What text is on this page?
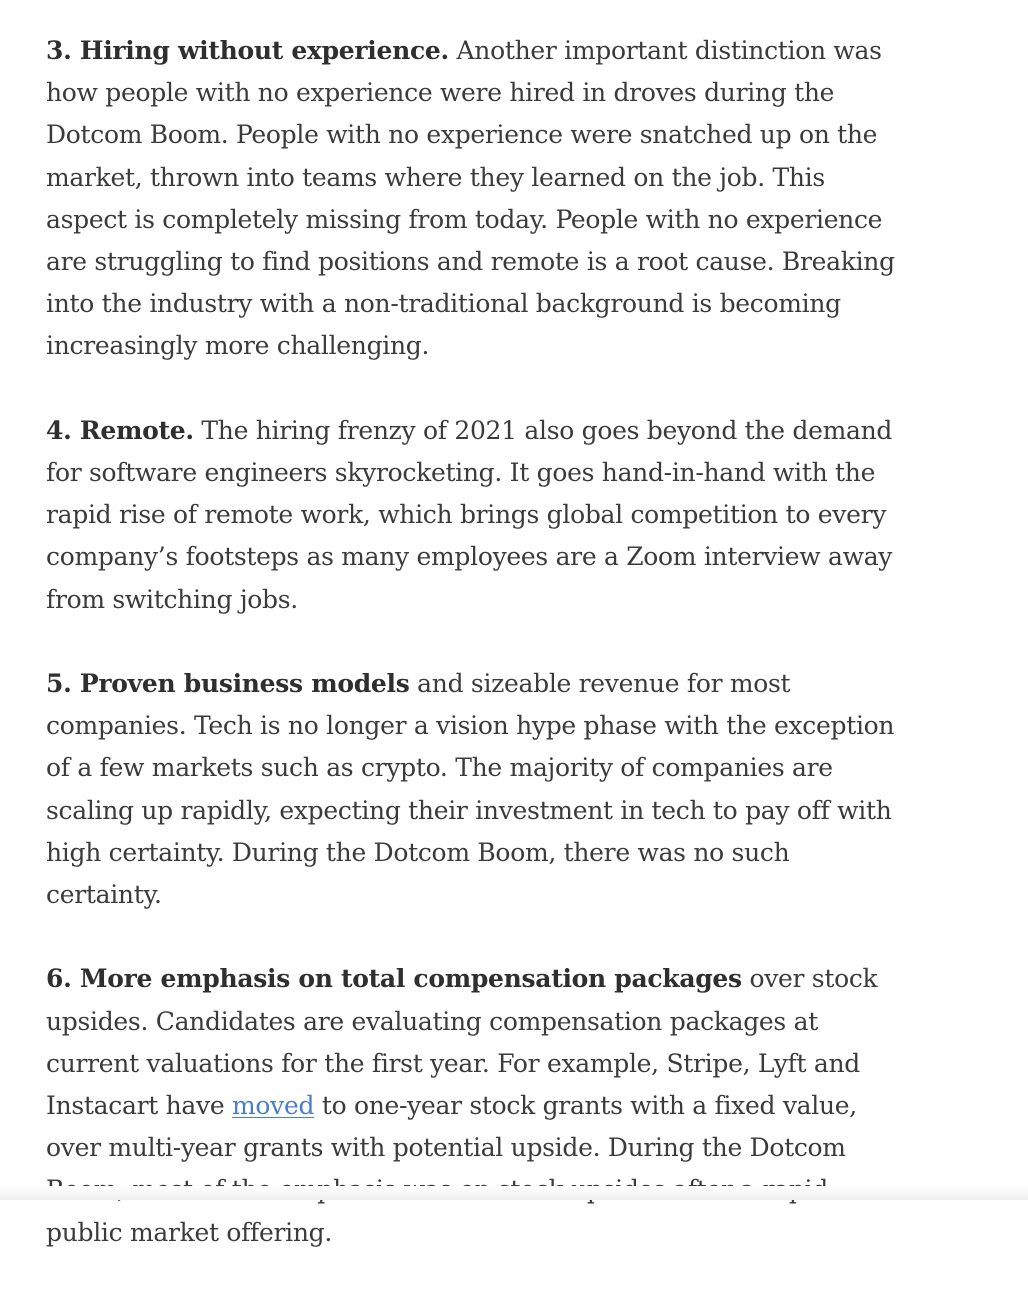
3. Hiring without experience. Another important distinction was how people with no experience were hired in droves during the Dotcom Boom. People with no experience were snatched up on the market, thrown into teams where they learned on the job. This aspect is completely missing from today. People with no experience are struggling to find positions and remote is a root cause. Breaking into the industry with a non-traditional background is becoming increasingly more challenging.

4. Remote. The hiring frenzy of 2021 also goes beyond the demand for software engineers skyrocketing. It goes hand-in-hand with the rapid rise of remote work, which brings global competition to every company’s footsteps as many employees are a Zoom interview away from switching jobs.

5. Proven business models and sizeable revenue for most companies. Tech is no longer a vision hype phase with the exception of a few markets such as crypto. The majority of companies are scaling up rapidly, expecting their investment in tech to pay off with high certainty. During the Dotcom Boom, there was no such certainty.

6. More emphasis on total compensation packages over stock upsides. Candidates are evaluating compensation packages at current valuations for the first year. For example, Stripe, Lyft and Instacart have moved to one-year stock grants with a fixed value, over multi-year grants with potential upside. During the Dotcom public market offering.
